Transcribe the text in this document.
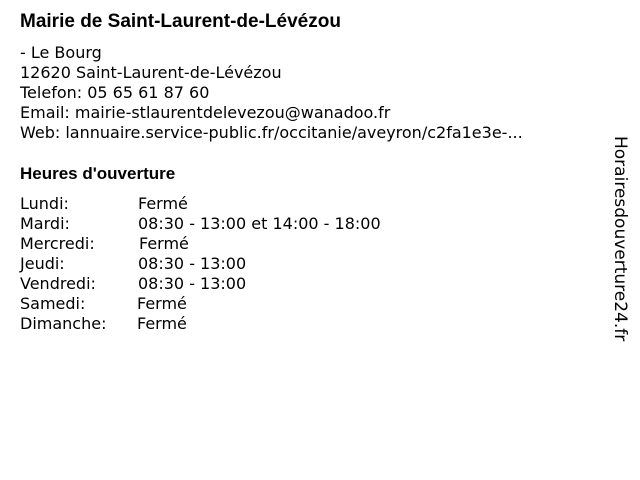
Mairie de Saint-Laurent-de-Lévézou
- Le Bourg
12620 Saint-Laurent-de-Lévézou
Telefon: 05 65 61 87 60
Email: mairie-stlaurentdelevezou@wanadoo.fr
Web: lannuaire.service-public.fr/occitanie/aveyron/c2fa1e3e-...
Heures d'ouverture
Lundi:	Fermé
Mardi:	08:30 - 13:00 et 14:00 - 18:00
Mercredi:	Fermé
Jeudi:	08:30 - 13:00
Vendredi:	08:30 - 13:00
Samedi:	Fermé
Dimanche: Fermé	Horairesdouverture24.fr
